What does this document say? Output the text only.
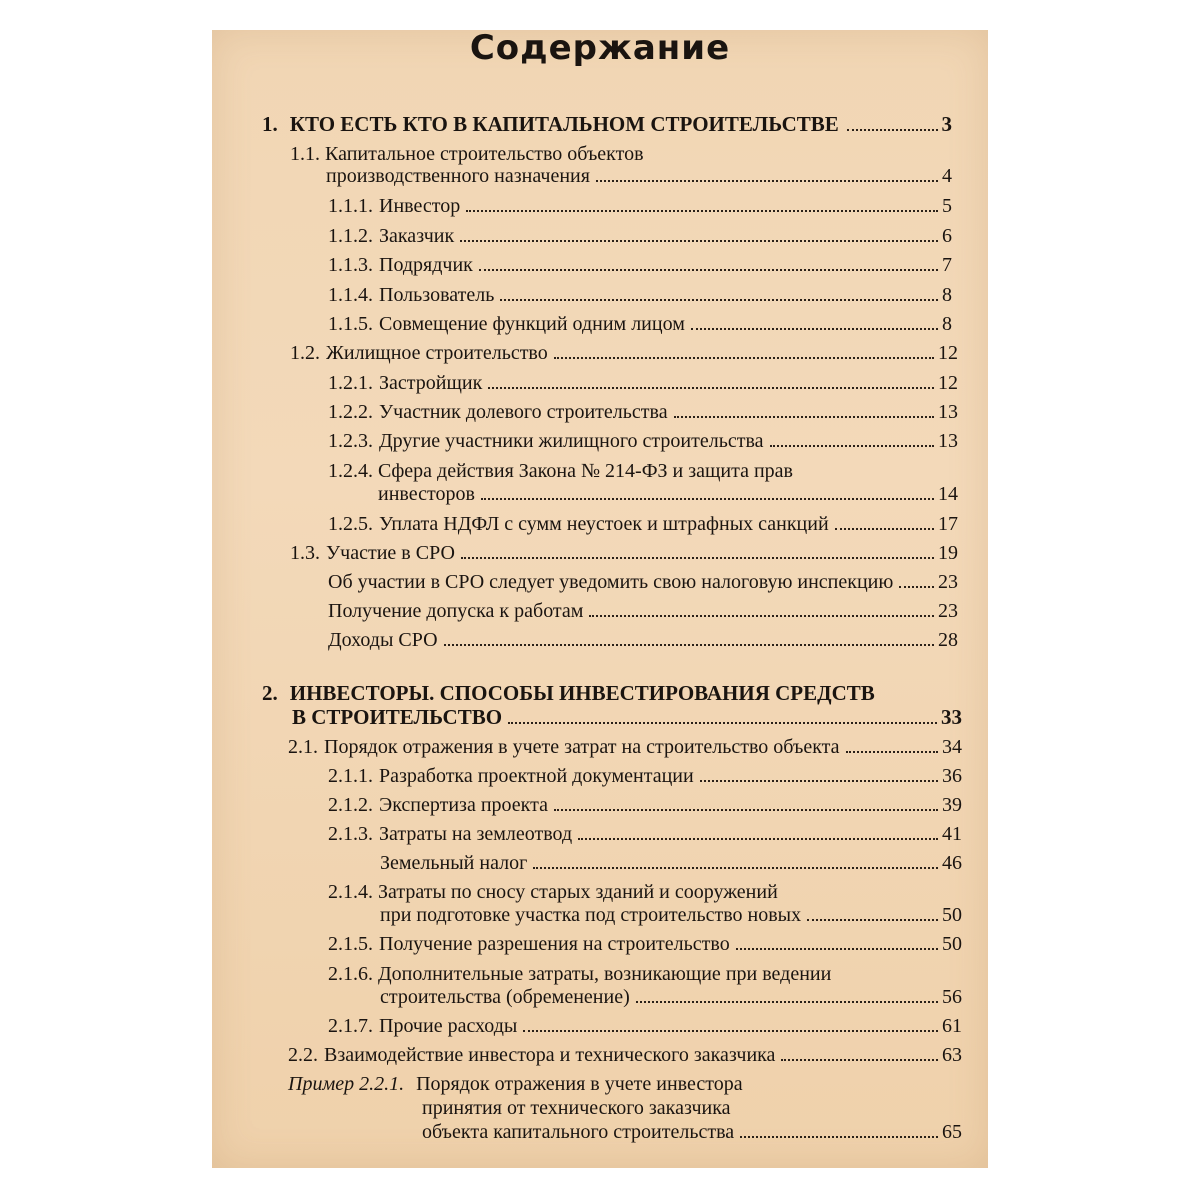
Содержание
1. КТО ЕСТЬ КТО В КАПИТАЛЬНОМ СТРОИТЕЛЬСТВЕ	3
1.1. Капитальное строительство объектов
производственного назначения	4
1.1.1. Инвестор	5
1.1.2. Заказчик	6
1.1.3. Подрядчик	7
1.1.4. Пользователь	8
1.1.5. Совмещение функций одним лицом	8
1.2. Жилищное строительство	12
1.2.1. Застройщик	12
1.2.2. Участник долевого строительства	13
1.2.3. Другие участники жилищного строительства	13
1.2.4. Сфера действия Закона № 214-ФЗ и защита прав
инвесторов	14
1.2.5. Уплата НДФЛ с сумм неустоек и штрафных санкций	17
1.3. Участие в СРО	19
Об участии в СРО следует уведомить свою налоговую инспекцию 23
Получение допуска к работам	23
Доходы СРО	28
2. ИНВЕСТОРЫ. СПОСОБЫ ИНВЕСТИРОВАНИЯ СРЕДСТВ
В СТРОИТЕЛЬСТВО	33
2.1. Порядок отражения в учете затрат на строительство объекта	34
2.1.1. Разработка проектной документации	36
2.1.2. Экспертиза проекта	39
2.1.3. Затраты на землеотвод	41
Земельный налог	46
2.1.4. Затраты по сносу старых зданий и сооружений
при подготовке участка под строительство новых	50
2.1.5. Получение разрешения на строительство	50
2.1.6. Дополнительные затраты, возникающие при ведении
строительства (обременение)	56
2.1.7. Прочие расходы	61
2.2. Взаимодействие инвестора и технического заказчика	63
Пример 2.2.1. Порядок отражения в учете инвестора
принятия от технического заказчика
объекта капитального строительства	65
